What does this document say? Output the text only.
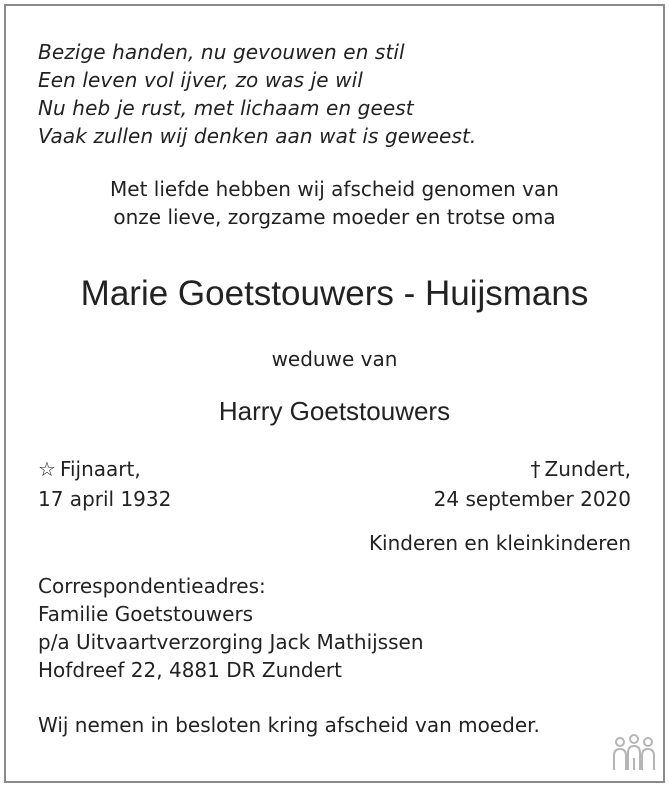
Bezige handen, nu gevouwen en stil
Een leven vol ijver, zo was je wil
Nu heb je rust, met lichaam en geest
Vaak zullen wij denken aan wat is geweest.
Met liefde hebben wij afscheid genomen van
onze lieve, zorgzame moeder en trotse oma
Marie Goetstouwers - Huijsmans
weduwe van
Harry Goetstouwers
☆ Fijnaart,
17 april 1932
† Zundert,
24 september 2020
Kinderen en kleinkinderen
Correspondentieadres:
Familie Goetstouwers
p/a Uitvaartverzorging Jack Mathijssen
Hofdreef 22, 4881 DR Zundert
Wij nemen in besloten kring afscheid van moeder.
